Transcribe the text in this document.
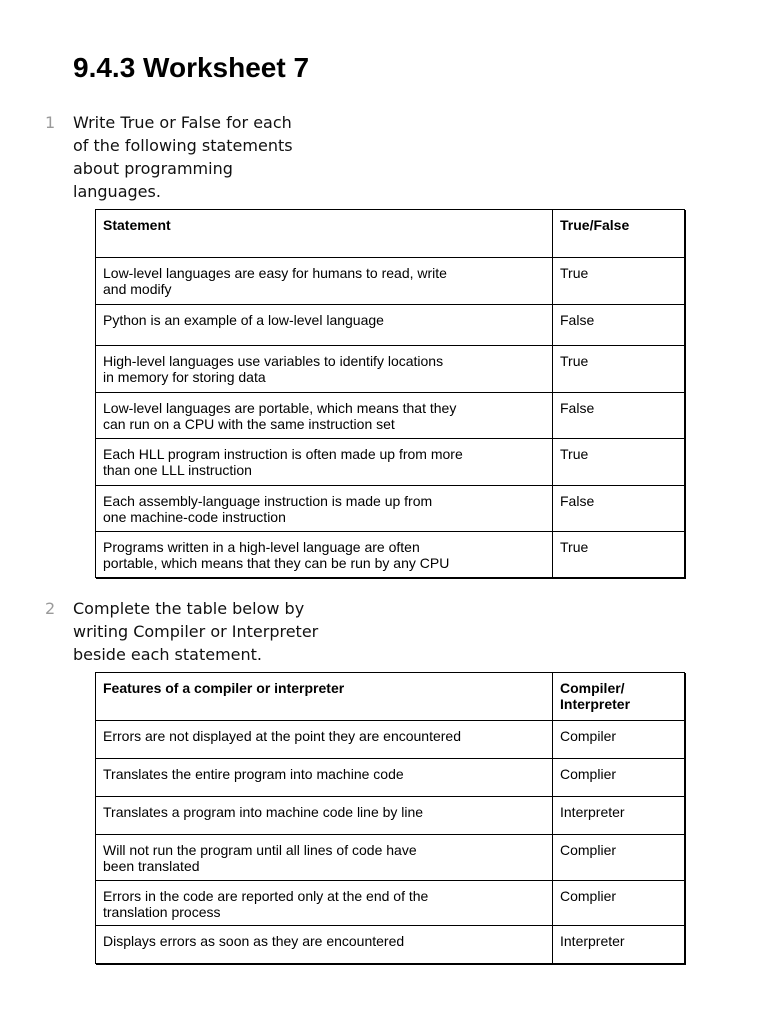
9.4.3 Worksheet 7
1 Write True or False for each
of the following statements
about programming
languages.

Statement	True/False
Low-level languages are easy for humans to read, write
and modify	True
Python is an example of a low-level language	False
High-level languages use variables to identify locations
in memory for storing data	True
Low-level languages are portable, which means that they
can run on a CPU with the same instruction set	False
Each HLL program instruction is often made up from more
than one LLL instruction	True
Each assembly-language instruction is made up from
one machine-code instruction	False
Programs written in a high-level language are often
portable, which means that they can be run by any CPU	True
2 Complete the table below by
writing Compiler or Interpreter
beside each statement.

Features of a compiler or interpreter	Compiler/
Interpreter
Errors are not displayed at the point they are encountered	Compiler
Translates the entire program into machine code	Complier
Translates a program into machine code line by line	Interpreter
Will not run the program until all lines of code have
been translated	Complier
Errors in the code are reported only at the end of the
translation process	Complier
Displays errors as soon as they are encountered	Interpreter
